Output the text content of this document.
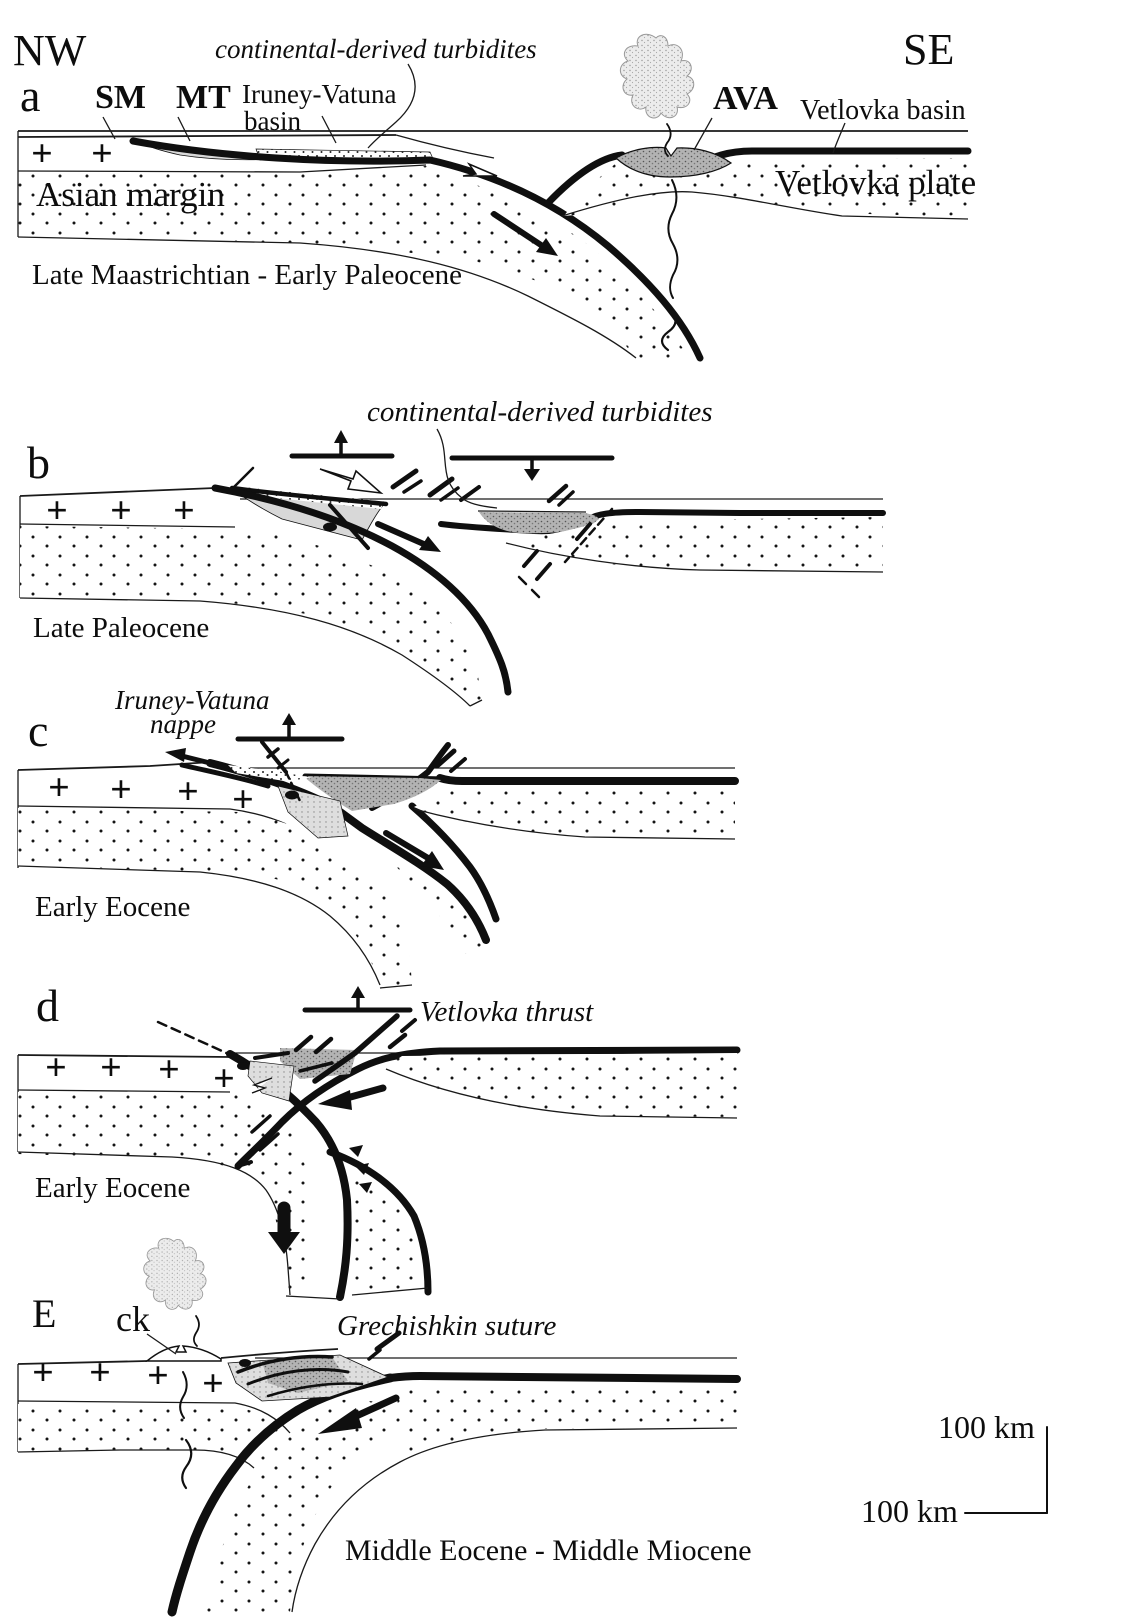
+ +
NW	SE
continental-derived turbidites
a SM MT Iruney-Vatuna
basin
AVA Vetlovka basin
Asian margin	Vetlovka plate
Late Maastrichtian - Early Paleocene
+ + +
continental-derived turbidites
b
Late Paleocene
+ + + +
Iruney-Vatuna
nappe
c
Early Eocene
+ + + +
d	Vetlovka thrust
Early Eocene
+ + + +
E ck	Grechishkin suture
Middle Eocene - Middle Miocene
100 km
100 km
